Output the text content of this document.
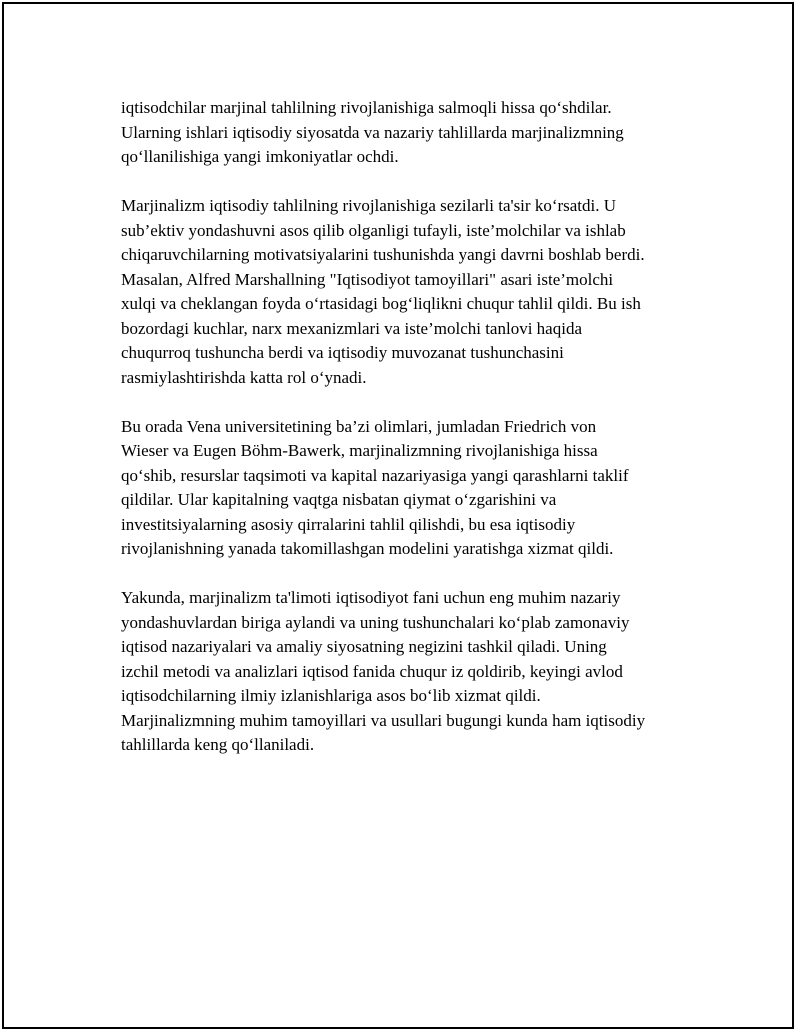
iqtisodchilar marjinal tahlilning rivojlanishiga salmoqli hissa qo‘shdilar.
Ularning ishlari iqtisodiy siyosatda va nazariy tahlillarda marjinalizmning
qo‘llanilishiga yangi imkoniyatlar ochdi.

Marjinalizm iqtisodiy tahlilning rivojlanishiga sezilarli ta'sir ko‘rsatdi. U
sub’ektiv yondashuvni asos qilib olganligi tufayli, iste’molchilar va ishlab
chiqaruvchilarning motivatsiyalarini tushunishda yangi davrni boshlab berdi.
Masalan, Alfred Marshallning "Iqtisodiyot tamoyillari" asari iste’molchi
xulqi va cheklangan foyda o‘rtasidagi bog‘liqlikni chuqur tahlil qildi. Bu ish
bozordagi kuchlar, narx mexanizmlari va iste’molchi tanlovi haqida
chuqurroq tushuncha berdi va iqtisodiy muvozanat tushunchasini
rasmiylashtirishda katta rol o‘ynadi.

Bu orada Vena universitetining ba’zi olimlari, jumladan Friedrich von
Wieser va Eugen Böhm-Bawerk, marjinalizmning rivojlanishiga hissa
qo‘shib, resurslar taqsimoti va kapital nazariyasiga yangi qarashlarni taklif
qildilar. Ular kapitalning vaqtga nisbatan qiymat o‘zgarishini va
investitsiyalarning asosiy qirralarini tahlil qilishdi, bu esa iqtisodiy
rivojlanishning yanada takomillashgan modelini yaratishga xizmat qildi.

Yakunda, marjinalizm ta'limoti iqtisodiyot fani uchun eng muhim nazariy
yondashuvlardan biriga aylandi va uning tushunchalari ko‘plab zamonaviy
iqtisod nazariyalari va amaliy siyosatning negizini tashkil qiladi. Uning
izchil metodi va analizlari iqtisod fanida chuqur iz qoldirib, keyingi avlod
iqtisodchilarning ilmiy izlanishlariga asos bo‘lib xizmat qildi.
Marjinalizmning muhim tamoyillari va usullari bugungi kunda ham iqtisodiy
tahlillarda keng qo‘llaniladi.
